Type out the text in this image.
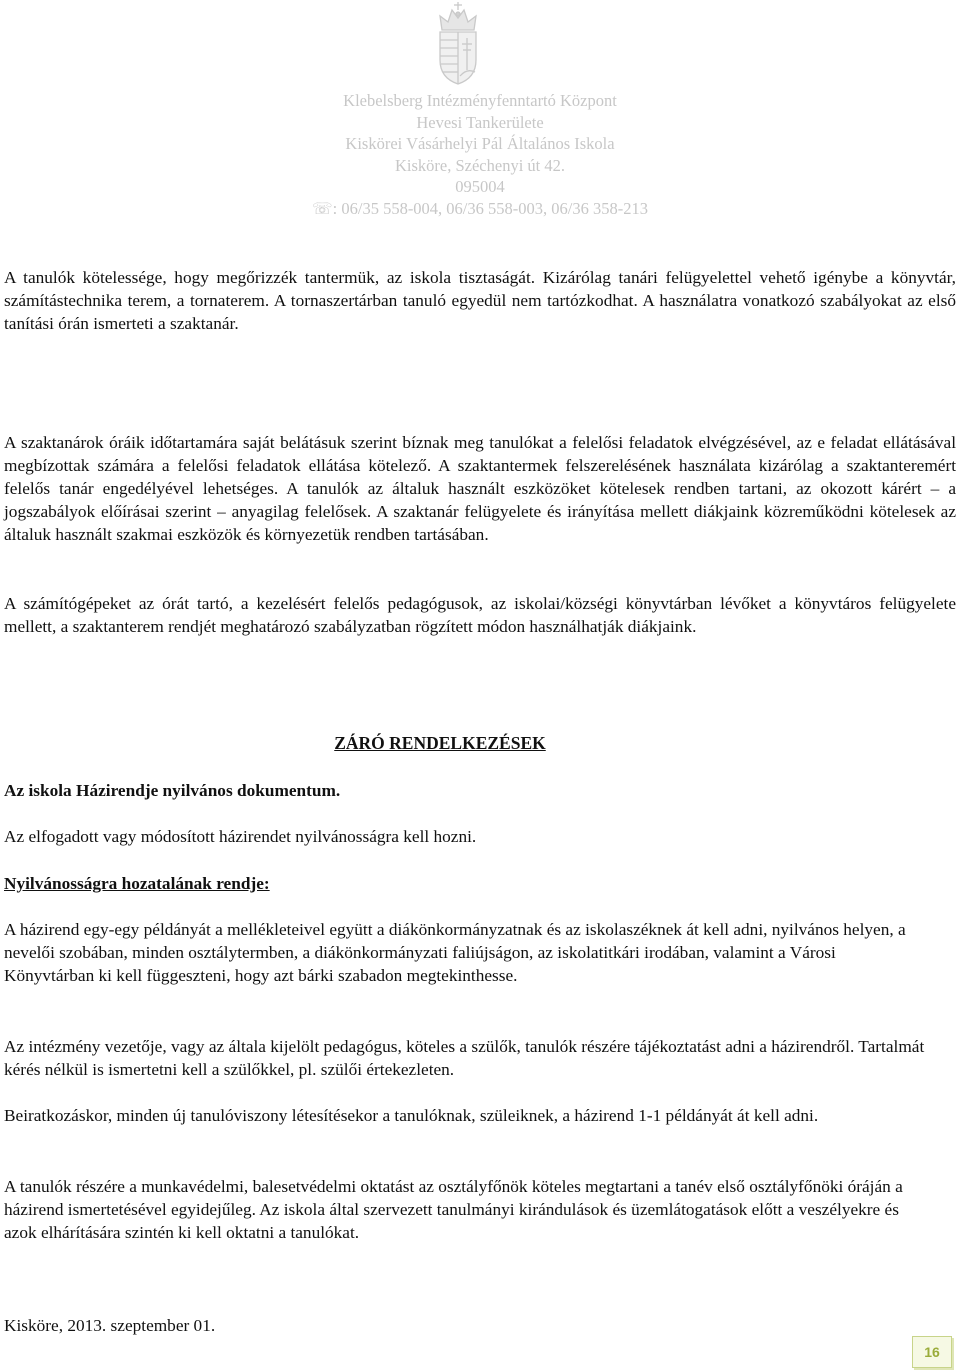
Klebelsberg Intézményfenntartó Központ
Hevesi Tankerülete
Kiskörei Vásárhelyi Pál Általános Iskola
Kisköre, Széchenyi út 42.
095004
☏: 06/35 558-004, 06/36 558-003, 06/36 358-213

A tanulók kötelessége, hogy megőrizzék tantermük, az iskola tisztaságát. Kizárólag tanári felügyelettel vehető igénybe a könyvtár, számítástechnika terem, a tornaterem. A tornaszertárban tanuló egyedül nem tartózkodhat. A használatra vonatkozó szabályokat az első tanítási órán ismerteti a szaktanár.

A szaktanárok óráik időtartamára saját belátásuk szerint bíznak meg tanulókat a felelősi feladatok elvégzésével, az e feladat ellátásával megbízottak számára a felelősi feladatok ellátása kötelező. A szaktantermek felszerelésének használata kizárólag a szaktanteremért felelős tanár engedélyével lehetséges. A tanulók az általuk használt eszközöket kötelesek rendben tartani, az okozott kárért – a jogszabályok előírásai szerint – anyagilag felelősek. A szaktanár felügyelete és irányítása mellett diákjaink közreműködni kötelesek az általuk használt szakmai eszközök és környezetük rendben tartásában.

A számítógépeket az órát tartó, a kezelésért felelős pedagógusok, az iskolai/községi könyvtárban lévőket a könyvtáros felügyelete mellett, a szaktanterem rendjét meghatározó szabályzatban rögzített módon használhatják diákjaink.

ZÁRÓ RENDELKEZÉSEK

Az iskola Házirendje nyilvános dokumentum.

Az elfogadott vagy módosított házirendet nyilvánosságra kell hozni.

Nyilvánosságra hozatalának rendje:

A házirend egy-egy példányát a mellékleteivel együtt a diákönkormányzatnak és az iskolaszéknek át kell adni, nyilvános helyen, a nevelői szobában, minden osztálytermben, a diákönkormányzati faliújságon, az iskolatitkári irodában, valamint a Városi Könyvtárban ki kell függeszteni, hogy azt bárki szabadon megtekinthesse.

Az intézmény vezetője, vagy az általa kijelölt pedagógus, köteles a szülők, tanulók részére tájékoztatást adni a házirendről. Tartalmát kérés nélkül is ismertetni kell a szülőkkel, pl. szülői értekezleten.

Beiratkozáskor, minden új tanulóviszony létesítésekor a tanulóknak, szüleiknek, a házirend 1-1 példányát át kell adni.

A tanulók részére a munkavédelmi, balesetvédelmi oktatást az osztályfőnök köteles megtartani a tanév első osztályfőnöki óráján a házirend ismertetésével egyidejűleg. Az iskola által szervezett tanulmányi kirándulások és üzemlátogatások előtt a veszélyekre és azok elhárítására szintén ki kell oktatni a tanulókat.

Kisköre, 2013. szeptember 01.

16
